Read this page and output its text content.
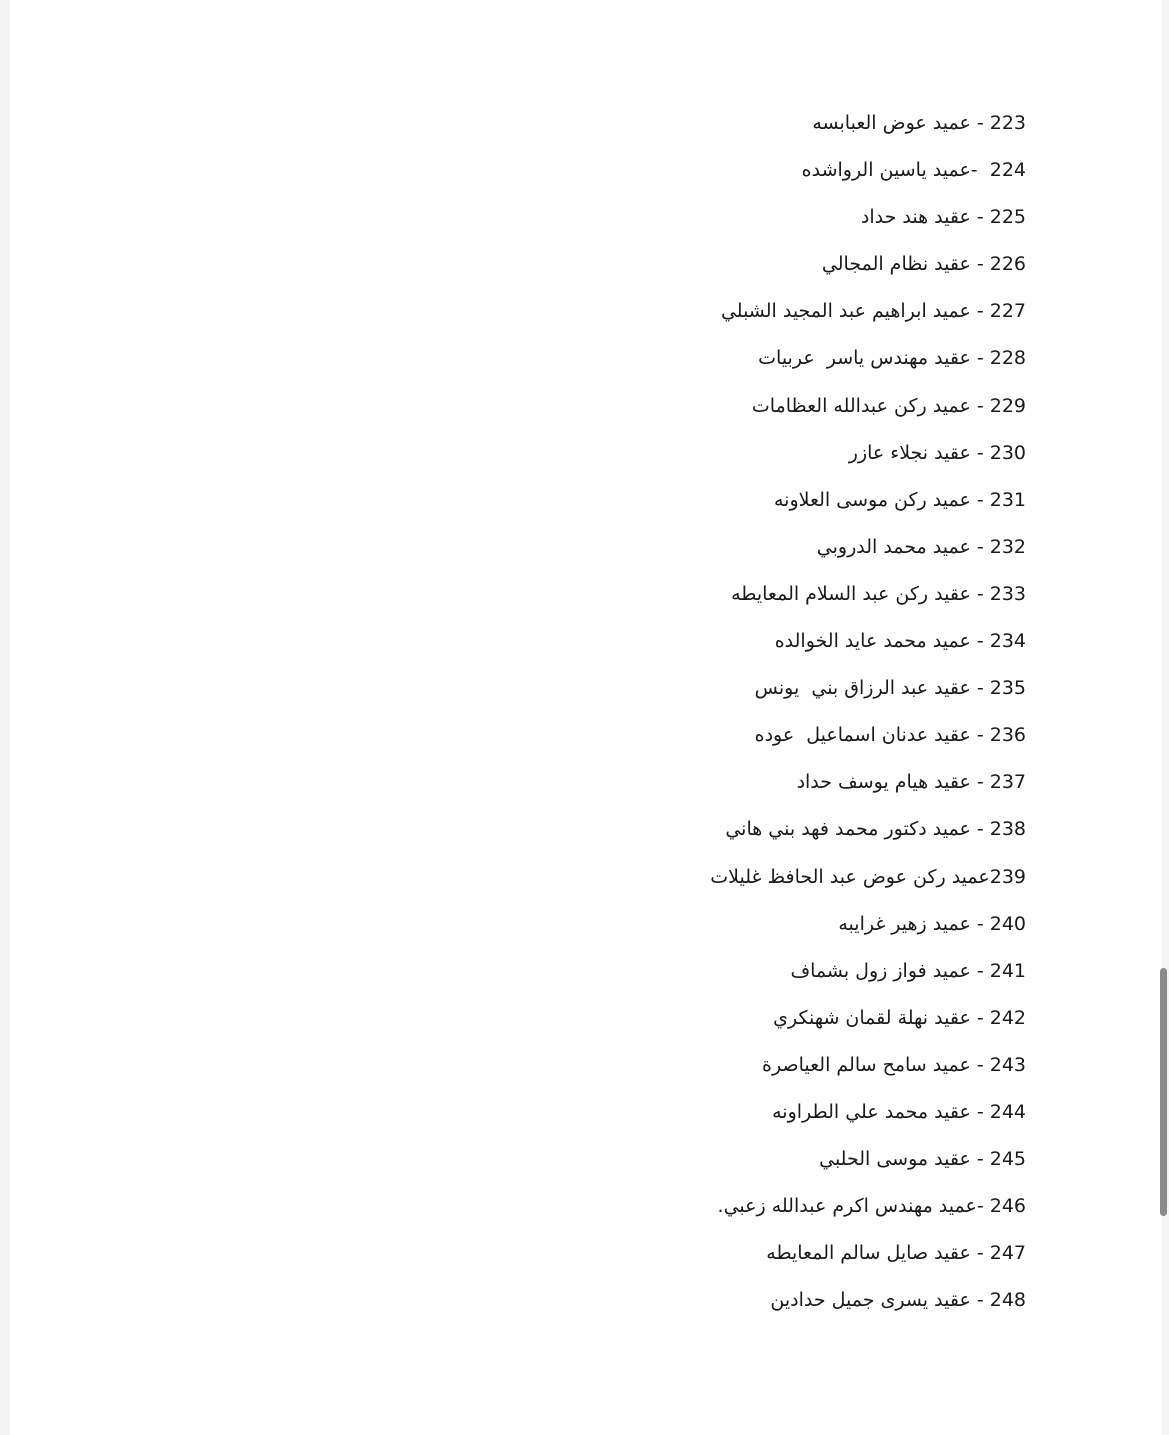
223 - عميد عوض العبابسه
224  -عميد ياسين الرواشده
225 - عقيد هند حداد
226 - عقيد نظام المجالي
227 - عميد ابراهيم عبد المجيد الشبلي
228 - عقيد مهندس ياسر  عربيات
229 - عميد ركن عبدالله العظامات
230 - عقيد نجلاء عازر
231 - عميد ركن موسى العلاونه
232 - عميد محمد الدروبي
233 - عقيد ركن عبد السلام المعايطه
234 - عميد محمد عايد الخوالده
235 - عقيد عبد الرزاق بني  يونس
236 - عقيد عدنان اسماعيل  عوده
237 - عقيد هيام يوسف حداد
238 - عميد دكتور محمد فهد بني هاني
239عميد ركن عوض عبد الحافظ غليلات
240 - عميد زهير غرايبه
241 - عميد فواز زول بشماف
242 - عقيد نهلة لقمان شهنكري
243 - عميد سامح سالم العياصرة
244 - عقيد محمد علي الطراونه
245 - عقيد موسى الحلبي
246 -عميد مهندس اكرم عبدالله زعبي.
247 - عقيد صايل سالم المعايطه
248 - عقيد يسرى جميل حدادين
